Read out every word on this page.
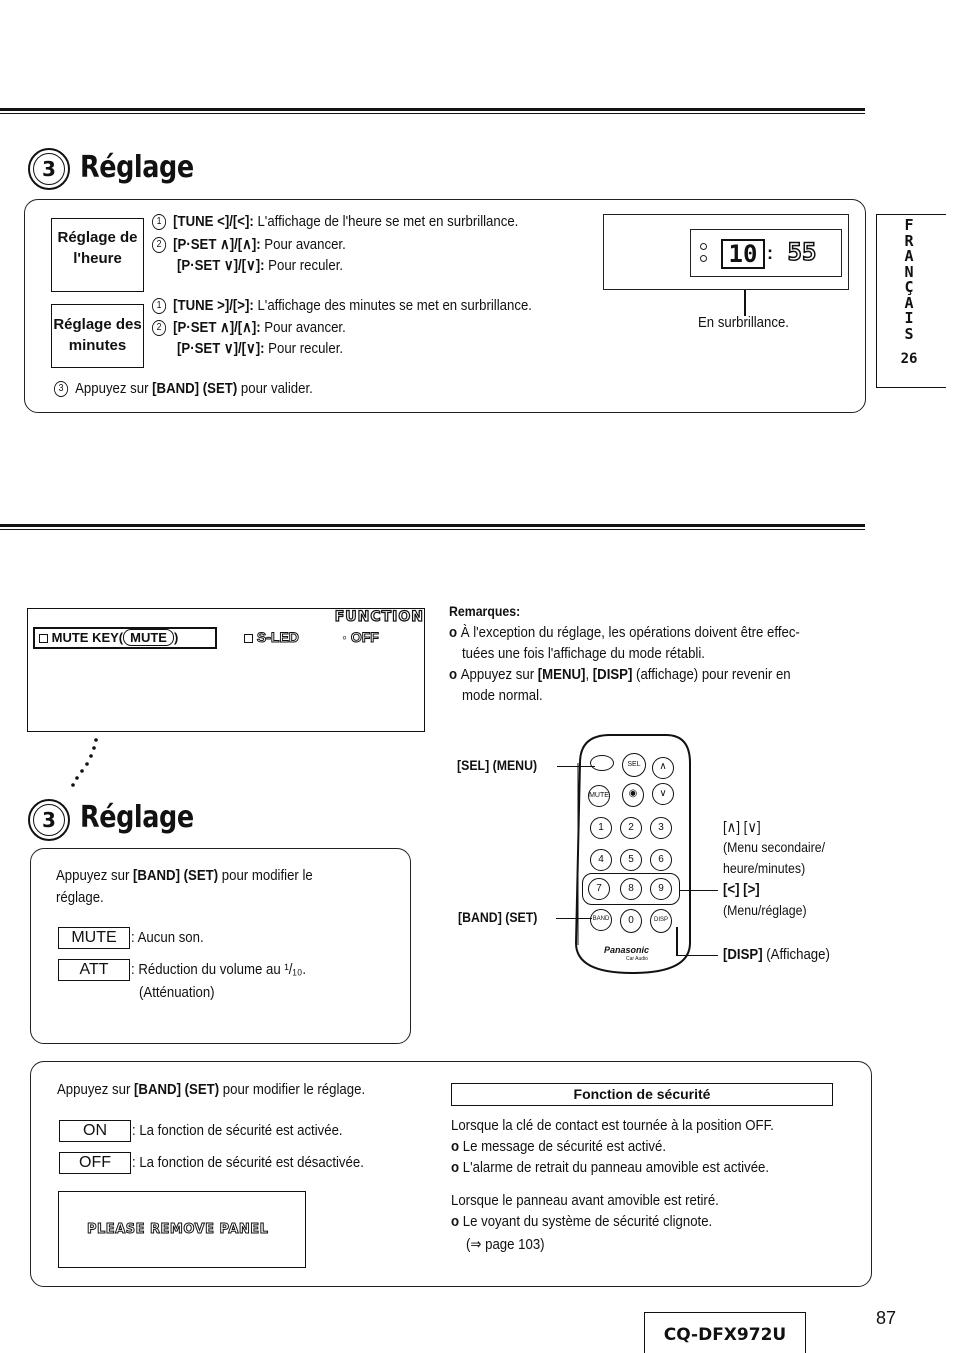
3 Réglage
Réglage de l'heure
Réglage des minutes
1 [TUNE <]/[<]: L'affichage de l'heure se met en surbrillance.
2 [P·SET ∧]/[∧]: Pour avancer.
[P·SET ∨]/[∨]: Pour reculer.
1 [TUNE >]/[>]: L'affichage des minutes se met en surbrillance.
2 [P·SET ∧]/[∧]: Pour avancer.
[P·SET ∨]/[∨]: Pour reculer.
3 Appuyez sur [BAND] (SET) pour valider.
10 : 55
En surbrillance.
F
R
A
N
Ç
A
I
S
26
FUNCTION
MUTE KEY( MUTE )	S-LED	◦ OFF
3 Réglage
Appuyez sur [BAND] (SET) pour modifier le
réglage.
MUTE : Aucun son.
ATT	: Réduction du volume au ¹/₁₀.
(Atténuation)
Remarques:
o À l'exception du réglage, les opérations doivent être effec-
tuées une fois l'affichage du mode rétabli.
o Appuyez sur [MENU], [DISP] (affichage) pour revenir en
mode normal.
SEL	∧
∨
MUTE	◉
1	2	3
4	5	6
7	8	9
BAND	0	DISP
Panasonic
Car Audio
[SEL] (MENU)
[BAND] (SET)
[∧] [∨]
(Menu secondaire/
heure/minutes)
[<] [>]
(Menu/réglage)
[DISP] (Affichage)
Appuyez sur [BAND] (SET) pour modifier le réglage.
ON	: La fonction de sécurité est activée.
OFF	: La fonction de sécurité est désactivée.
PLEASE REMOVE PANEL
Fonction de sécurité
Lorsque la clé de contact est tournée à la position OFF.
o Le message de sécurité est activé.
o L'alarme de retrait du panneau amovible est activée.
Lorsque le panneau avant amovible est retiré.
o Le voyant du système de sécurité clignote.
(⇒ page 103)
CQ-DFX972U
87
